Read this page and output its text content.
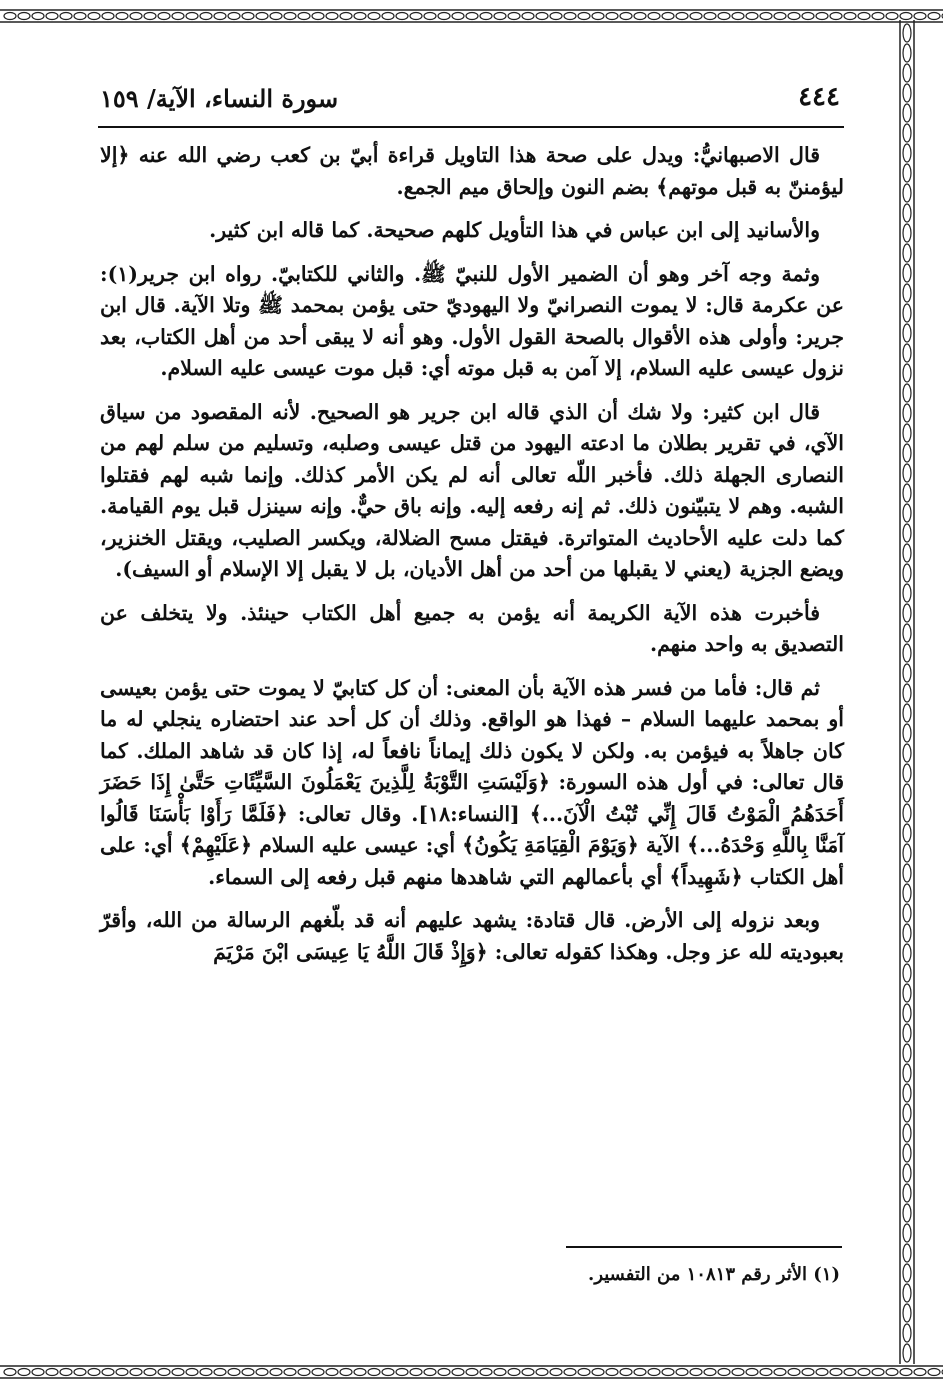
٤٤٤
سورة النساء، الآية/ ١٥٩

قال الاصبهانيُّ: ويدل على صحة هذا التاويل قراءة أبيّ بن كعب رضي الله عنه ﴿إلا ليؤمننّ به قبل موتهم﴾ بضم النون وإلحاق ميم الجمع.

والأسانيد إلى ابن عباس في هذا التأويل كلهم صحيحة. كما قاله ابن كثير.

وثمة وجه آخر وهو أن الضمير الأول للنبيّ ﷺ. والثاني للكتابيّ. رواه ابن جرير(١): عن عكرمة قال: لا يموت النصرانيّ ولا اليهوديّ حتى يؤمن بمحمد ﷺ وتلا الآية. قال ابن جرير: وأولى هذه الأقوال بالصحة القول الأول. وهو أنه لا يبقى أحد من أهل الكتاب، بعد نزول عيسى عليه السلام، إلا آمن به قبل موته أي: قبل موت عيسى عليه السلام.

قال ابن كثير: ولا شك أن الذي قاله ابن جرير هو الصحيح. لأنه المقصود من سياق الآي، في تقرير بطلان ما ادعته اليهود من قتل عيسى وصلبه، وتسليم من سلم لهم من النصارى الجهلة ذلك. فأخبر اللّه تعالى أنه لم يكن الأمر كذلك. وإنما شبه لهم فقتلوا الشبه. وهم لا يتبيّنون ذلك. ثم إنه رفعه إليه. وإنه باق حيٌّ. وإنه سينزل قبل يوم القيامة. كما دلت عليه الأحاديث المتواترة. فيقتل مسح الضلالة، ويكسر الصليب، ويقتل الخنزير، ويضع الجزية (يعني لا يقبلها من أحد من أهل الأديان، بل لا يقبل إلا الإسلام أو السيف).

فأخبرت هذه الآية الكريمة أنه يؤمن به جميع أهل الكتاب حينئذ. ولا يتخلف عن التصديق به واحد منهم.

ثم قال: فأما من فسر هذه الآية بأن المعنى: أن كل كتابيّ لا يموت حتى يؤمن بعيسى أو بمحمد عليهما السلام – فهذا هو الواقع. وذلك أن كل أحد عند احتضاره ينجلي له ما كان جاهلاً به فيؤمن به. ولكن لا يكون ذلك إيماناً نافعاً له، إذا كان قد شاهد الملك. كما قال تعالى: في أول هذه السورة: ﴿وَلَيْسَتِ التَّوْبَةُ لِلَّذِينَ يَعْمَلُونَ السَّيِّئَاتِ حَتَّىٰ إِذَا حَضَرَ أَحَدَهُمُ الْمَوْتُ قَالَ إِنِّي تُبْتُ الْآنَ...﴾ [النساء:١٨]. وقال تعالى: ﴿فَلَمَّا رَأَوْا بَأْسَنَا قَالُوا آمَنَّا بِاللَّهِ وَحْدَهُ...﴾ الآية ﴿وَيَوْمَ الْقِيَامَةِ يَكُونُ﴾ أي: عيسى عليه السلام ﴿عَلَيْهِمْ﴾ أي: على أهل الكتاب ﴿شَهِيداً﴾ أي بأعمالهم التي شاهدها منهم قبل رفعه إلى السماء.

وبعد نزوله إلى الأرض. قال قتادة: يشهد عليهم أنه قد بلّغهم الرسالة من الله، وأقرّ بعبوديته لله عز وجل. وهكذا كقوله تعالى: ﴿وَإِذْ قَالَ اللَّهُ يَا عِيسَى ابْنَ مَرْيَمَ

(١) الأثر رقم ١٠٨١٣ من التفسير.
